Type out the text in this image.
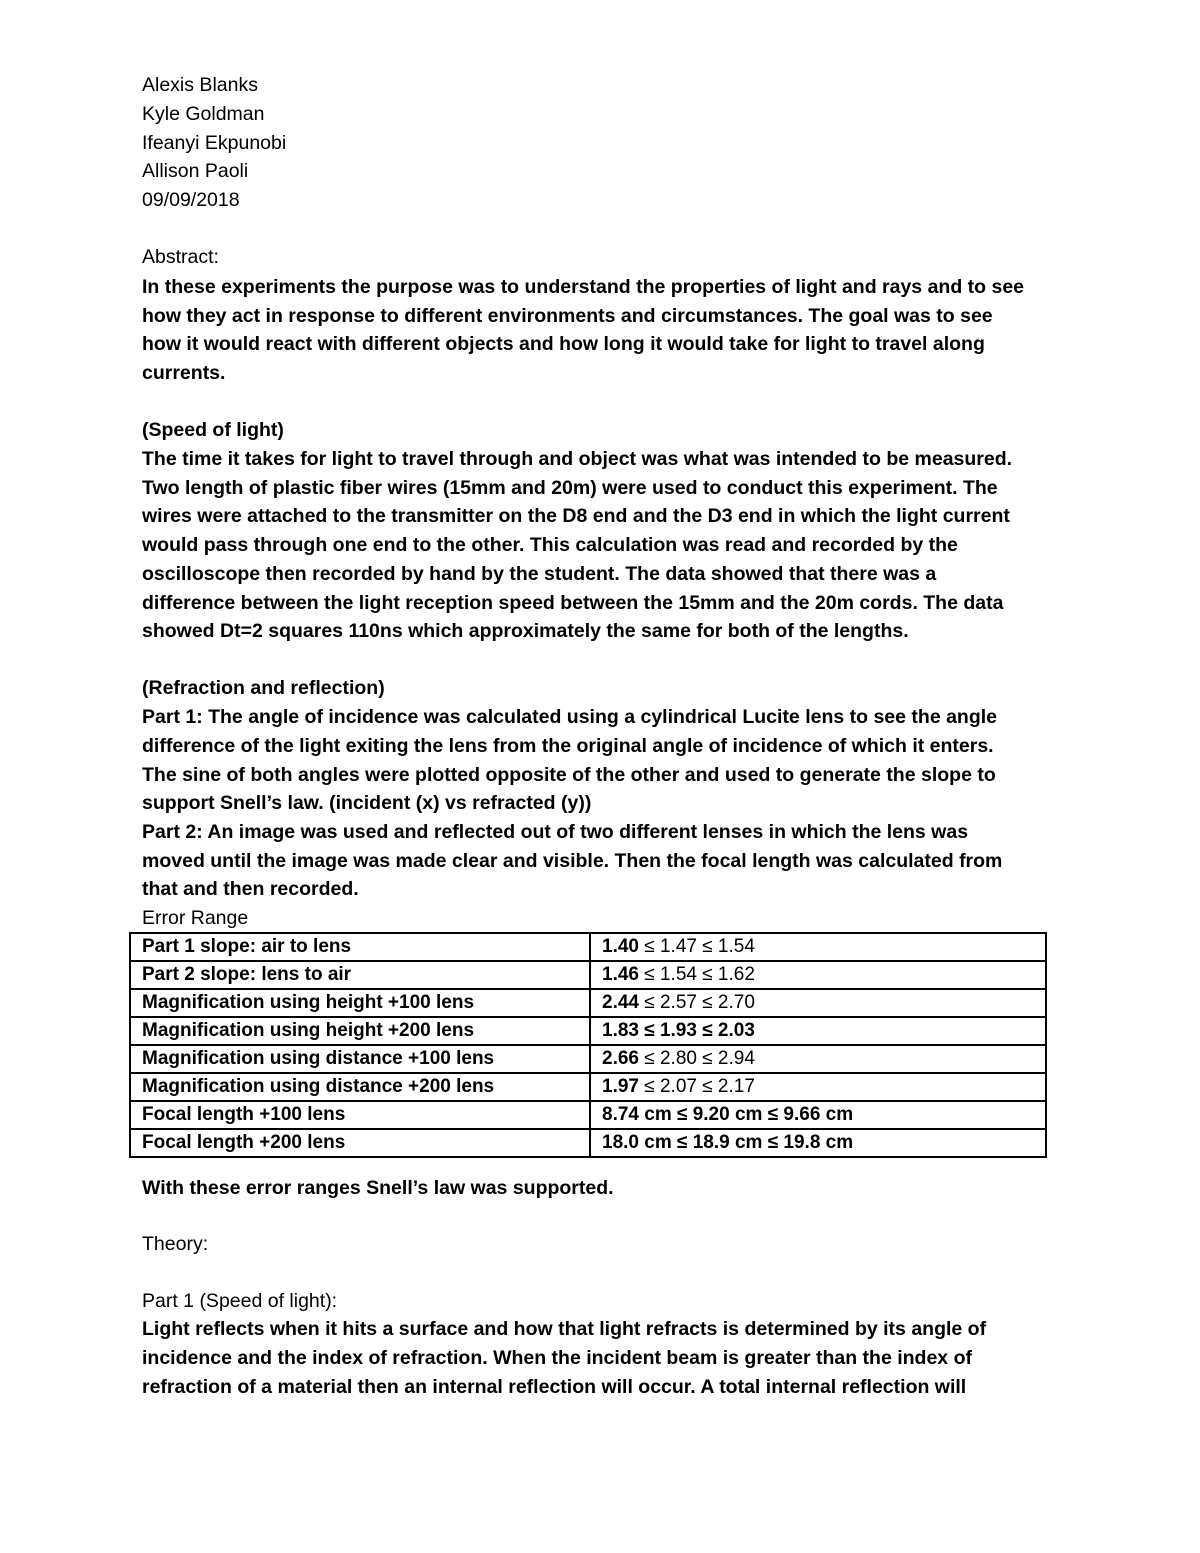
Alexis Blanks
Kyle Goldman
Ifeanyi Ekpunobi
Allison Paoli
09/09/2018
Abstract:
In these experiments the purpose was to understand the properties of light and rays and to see
how they act in response to different environments and circumstances. The goal was to see
how it would react with different objects and how long it would take for light to travel along
currents.
(Speed of light)
The time it takes for light to travel through and object was what was intended to be measured.
Two length of plastic fiber wires (15mm and 20m) were used to conduct this experiment. The
wires were attached to the transmitter on the D8 end and the D3 end in which the light current
would pass through one end to the other. This calculation was read and recorded by the
oscilloscope then recorded by hand by the student. The data showed that there was a
difference between the light reception speed between the 15mm and the 20m cords. The data
showed Dt=2 squares 110ns which approximately the same for both of the lengths.
(Refraction and reflection)
Part 1: The angle of incidence was calculated using a cylindrical Lucite lens to see the angle
difference of the light exiting the lens from the original angle of incidence of which it enters.
The sine of both angles were plotted opposite of the other and used to generate the slope to
support Snell’s law. (incident (x) vs refracted (y))
Part 2: An image was used and reflected out of two different lenses in which the lens was
moved until the image was made clear and visible. Then the focal length was calculated from
that and then recorded.
Error Range
Part 1 slope: air to lens	1.40 ≤ 1.47 ≤ 1.54
Part 2 slope: lens to air	1.46 ≤ 1.54 ≤ 1.62
Magnification using height +100 lens	2.44 ≤ 2.57 ≤ 2.70
Magnification using height +200 lens	1.83 ≤ 1.93 ≤ 2.03
Magnification using distance +100 lens	2.66 ≤ 2.80 ≤ 2.94
Magnification using distance +200 lens	1.97 ≤ 2.07 ≤ 2.17
Focal length +100 lens	8.74 cm ≤ 9.20 cm ≤ 9.66 cm
Focal length +200 lens	18.0 cm ≤ 18.9 cm ≤ 19.8 cm
With these error ranges Snell’s law was supported.
Theory:
Part 1 (Speed of light):
Light reflects when it hits a surface and how that light refracts is determined by its angle of
incidence and the index of refraction. When the incident beam is greater than the index of
refraction of a material then an internal reflection will occur. A total internal reflection will
